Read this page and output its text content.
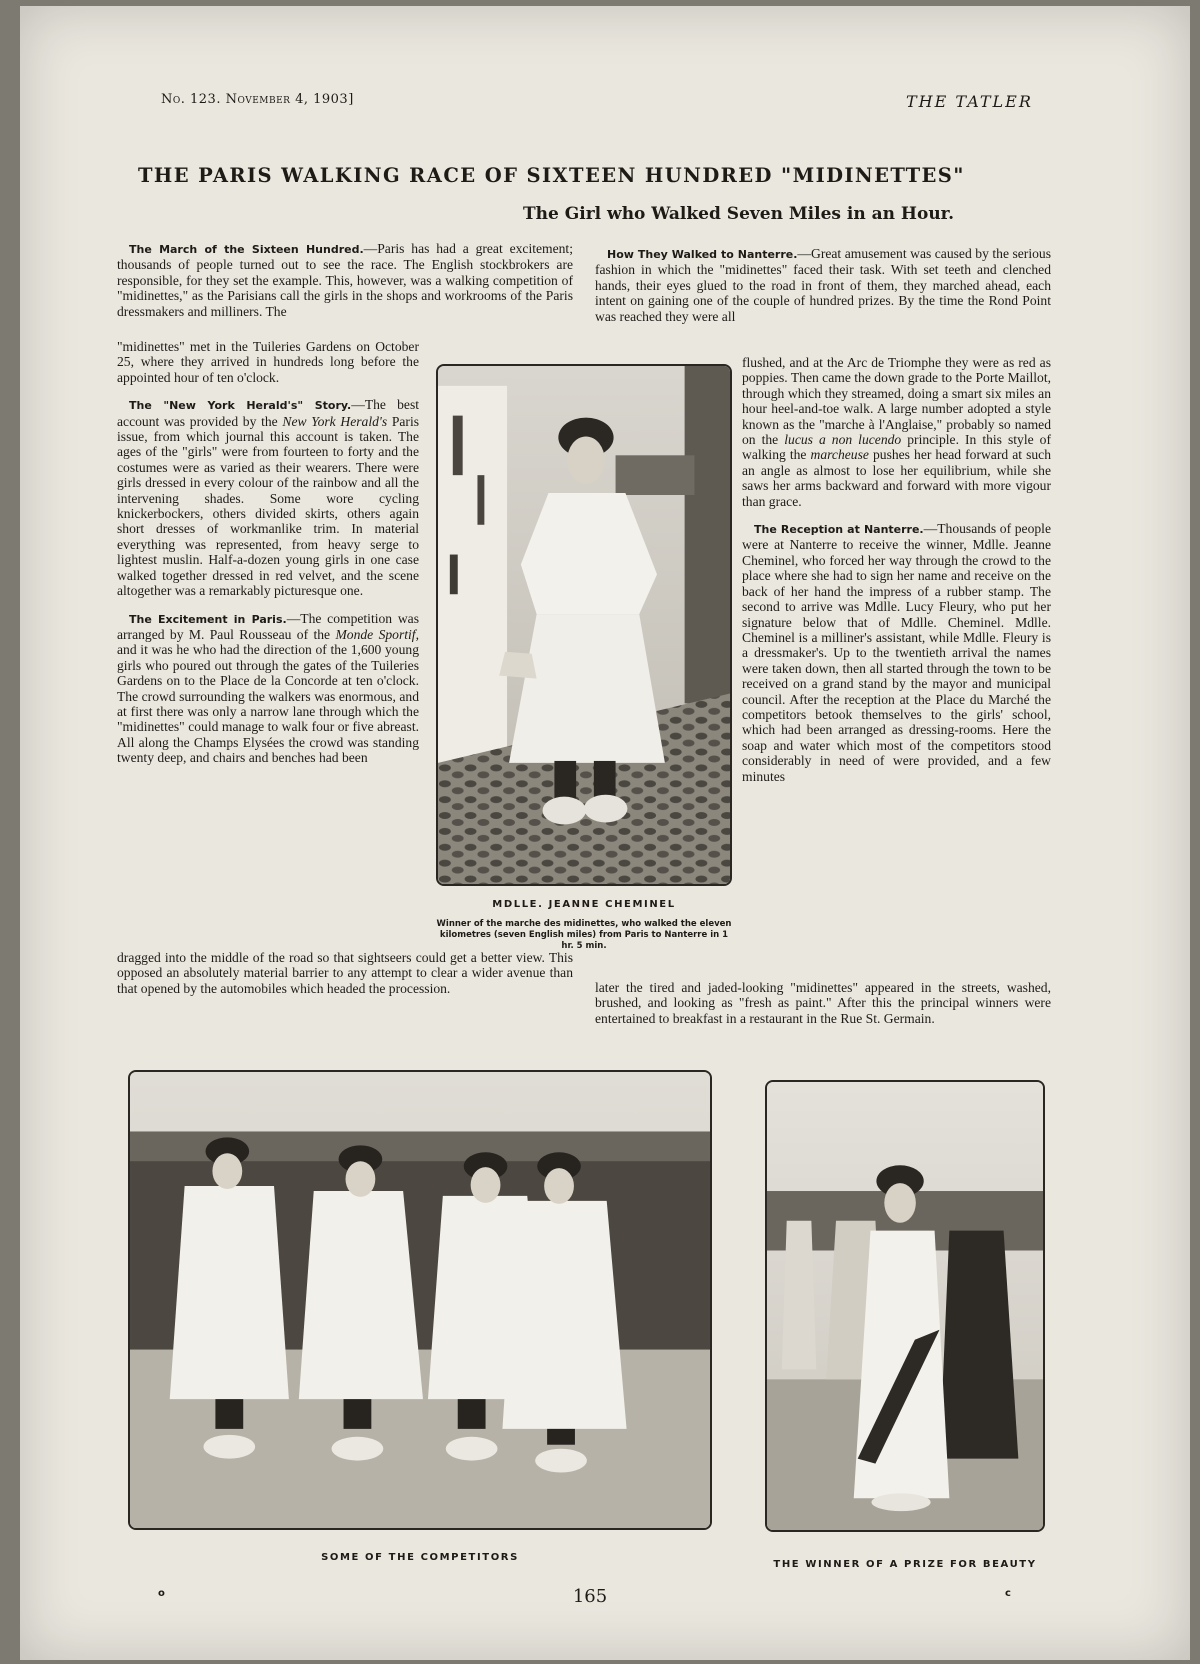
No. 123. November 4, 1903]	THE TATLER
THE PARIS WALKING RACE OF SIXTEEN HUNDRED "MIDINETTES"
The Girl who Walked Seven Miles in an Hour.

The March of the Sixteen Hundred.—Paris has had a great excitement; thousands of people turned out to see the race. The English stockbrokers are responsible, for they set the example. This, however, was a walking competition of "midinettes," as the Parisians call the girls in the shops and workrooms of the Paris dressmakers and milliners. The

"midinettes" met in the Tuileries Gardens on October 25, where they arrived in hundreds long before the appointed hour of ten o'clock.

The "New York Herald's" Story.—The best account was provided by the New York Herald's Paris issue, from which journal this account is taken. The ages of the "girls" were from fourteen to forty and the costumes were as varied as their wearers. There were girls dressed in every colour of the rainbow and all the intervening shades. Some wore cycling knickerbockers, others divided skirts, others again short dresses of workmanlike trim. In material everything was represented, from heavy serge to lightest muslin. Half-a-dozen young girls in one case walked together dressed in red velvet, and the scene altogether was a remarkably picturesque one.

The Excitement in Paris.—The competition was arranged by M. Paul Rousseau of the Monde Sportif, and it was he who had the direction of the 1,600 young girls who poured out through the gates of the Tuileries Gardens on to the Place de la Concorde at ten o'clock. The crowd surrounding the walkers was enormous, and at first there was only a narrow lane through which the "midinettes" could manage to walk four or five abreast. All along the Champs Elysées the crowd was standing twenty deep, and chairs and benches had been

dragged into the middle of the road so that sightseers could get a better view. This opposed an absolutely material barrier to any attempt to clear a wider avenue than that opened by the automobiles which headed the procession.

How They Walked to Nanterre.—Great amusement was caused by the serious fashion in which the "midinettes" faced their task. With set teeth and clenched hands, their eyes glued to the road in front of them, they marched ahead, each intent on gaining one of the couple of hundred prizes. By the time the Rond Point was reached they were all

flushed, and at the Arc de Triomphe they were as red as poppies. Then came the down grade to the Porte Maillot, through which they streamed, doing a smart six miles an hour heel-and-toe walk. A large number adopted a style known as the "marche à l'Anglaise," probably so named on the lucus a non lucendo principle. In this style of walking the marcheuse pushes her head forward at such an angle as almost to lose her equilibrium, while she saws her arms backward and forward with more vigour than grace.

The Reception at Nanterre.—Thousands of people were at Nanterre to receive the winner, Mdlle. Jeanne Cheminel, who forced her way through the crowd to the place where she had to sign her name and receive on the back of her hand the impress of a rubber stamp. The second to arrive was Mdlle. Lucy Fleury, who put her signature below that of Mdlle. Cheminel. Mdlle. Cheminel is a milliner's assistant, while Mdlle. Fleury is a dressmaker's. Up to the twentieth arrival the names were taken down, then all started through the town to be received on a grand stand by the mayor and municipal council. After the reception at the Place du Marché the competitors betook themselves to the girls' school, which had been arranged as dressing-rooms. Here the soap and water which most of the competitors stood considerably in need of were provided, and a few minutes

later the tired and jaded-looking "midinettes" appeared in the streets, washed, brushed, and looking as "fresh as paint." After this the principal winners were entertained to breakfast in a restaurant in the Rue St. Germain.
MDLLE. JEANNE CHEMINEL
Winner of the marche des midinettes, who walked the eleven kilometres (seven English miles) from Paris to Nanterre in 1 hr. 5 min.
SOME OF THE COMPETITORS
THE WINNER OF A PRIZE FOR BEAUTY
o	165	c
